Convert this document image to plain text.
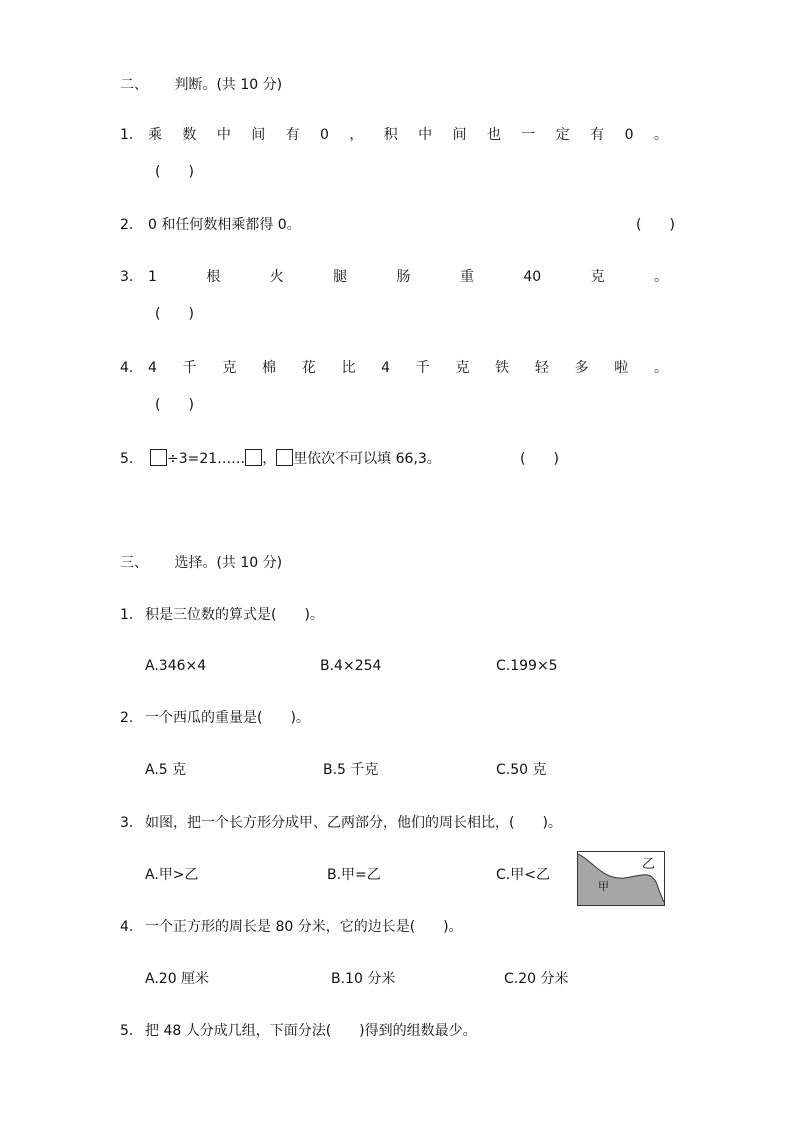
二、 判断。(共 10 分)
1. 乘 数 中 间 有 0 ， 积 中 间 也 一 定 有 0 。
(　　)
2. 0 和任何数相乘都得 0。	(　　)
3. 1	根	火	腿	肠	重	40	克	。
(　　)
4. 4 千 克 棉 花 比 4 千 克 铁 轻 多 啦 。
(　　)
5.	÷3=21…… ， 里依次不可以填 66,3。	(　　)
三、 选择。(共 10 分)
1. 积是三位数的算式是(　　)。
A.346×4	B.4×254	C.199×5
2. 一个西瓜的重量是(　　)。
A.5 克	B.5 千克	C.50 克
3. 如图，把一个长方形分成甲、乙两部分，他们的周长相比，(　　)。
A.甲>乙	B.甲=乙	C.甲<乙
甲
乙
4. 一个正方形的周长是 80 分米，它的边长是(　　)。
A.20 厘米	B.10 分米	C.20 分米
5. 把 48 人分成几组，下面分法(　　)得到的组数最少。
